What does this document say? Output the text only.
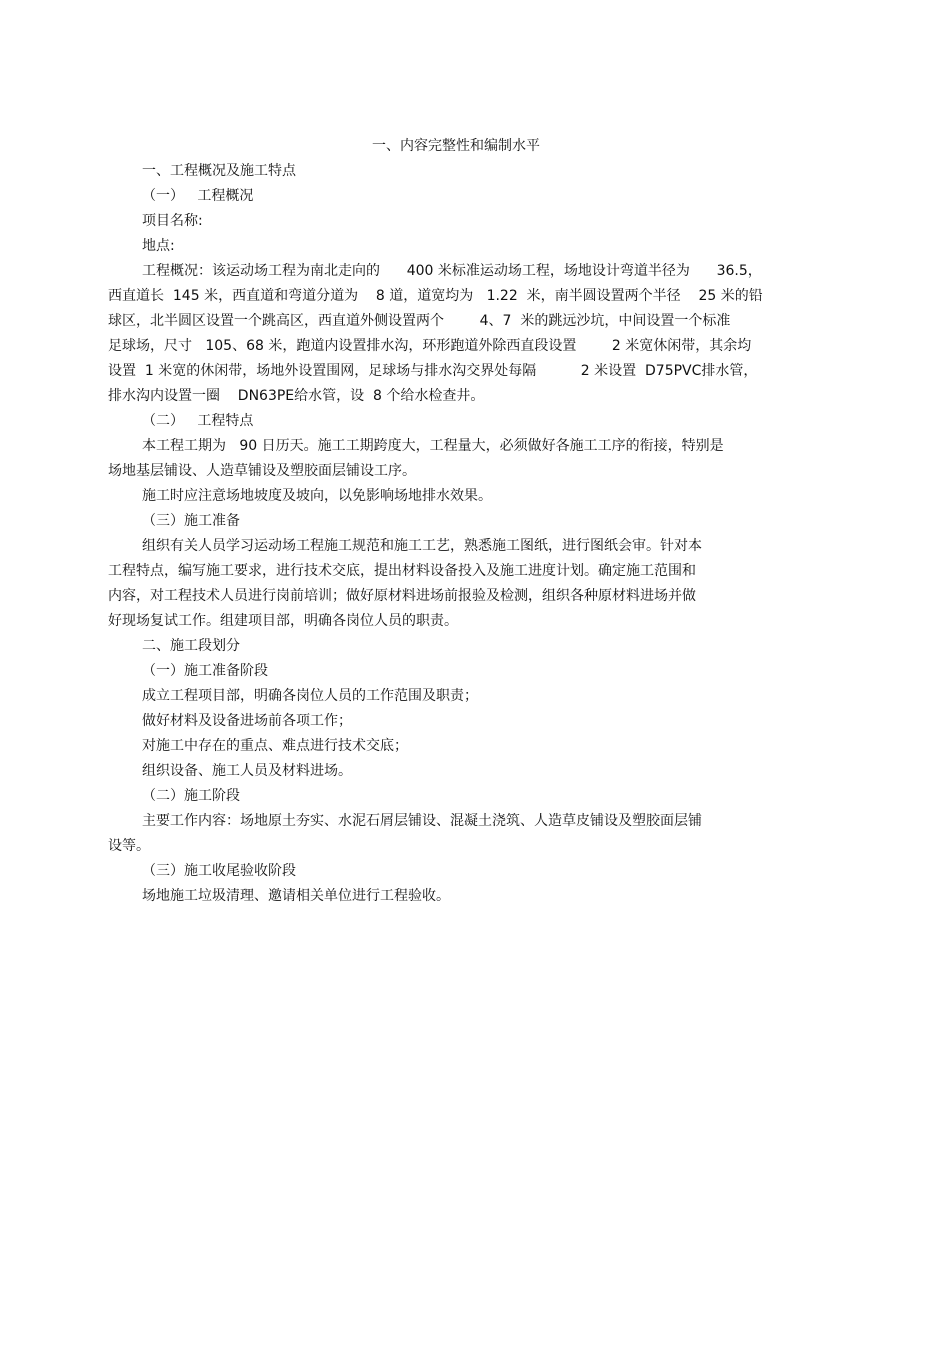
一、内容完整性和编制水平
一、工程概况及施工特点
（一）   工程概况
项目名称:
地点:
工程概况：该运动场工程为南北走向的      400 米标准运动场工程，场地设计弯道半径为      36.5，
西直道长  145 米，西直道和弯道分道为    8 道，道宽均为   1.22  米，南半圆设置两个半径    25 米的铅
球区，北半圆区设置一个跳高区，西直道外侧设置两个        4、7  米的跳远沙坑，中间设置一个标准
足球场，尺寸   105、68 米，跑道内设置排水沟，环形跑道外除西直段设置        2 米宽休闲带，其余均
设置  1 米宽的休闲带，场地外设置围网，足球场与排水沟交界处每隔          2 米设置  D75PVC排水管，
排水沟内设置一圈    DN63PE给水管，设  8 个给水检查井。
（二）   工程特点
本工程工期为   90 日历天。施工工期跨度大，工程量大，必须做好各施工工序的衔接，特别是
场地基层铺设、人造草铺设及塑胶面层铺设工序。
施工时应注意场地坡度及坡向，以免影响场地排水效果。
（三）施工准备
组织有关人员学习运动场工程施工规范和施工工艺，熟悉施工图纸，进行图纸会审。针对本
工程特点，编写施工要求，进行技术交底，提出材料设备投入及施工进度计划。确定施工范围和
内容，对工程技术人员进行岗前培训；做好原材料进场前报验及检测，组织各种原材料进场并做
好现场复试工作。组建项目部，明确各岗位人员的职责。
二、施工段划分
（一）施工准备阶段
成立工程项目部，明确各岗位人员的工作范围及职责；
做好材料及设备进场前各项工作；
对施工中存在的重点、难点进行技术交底；
组织设备、施工人员及材料进场。
（二）施工阶段
主要工作内容：场地原土夯实、水泥石屑层铺设、混凝土浇筑、人造草皮铺设及塑胶面层铺
设等。
（三）施工收尾验收阶段
场地施工垃圾清理、邀请相关单位进行工程验收。
